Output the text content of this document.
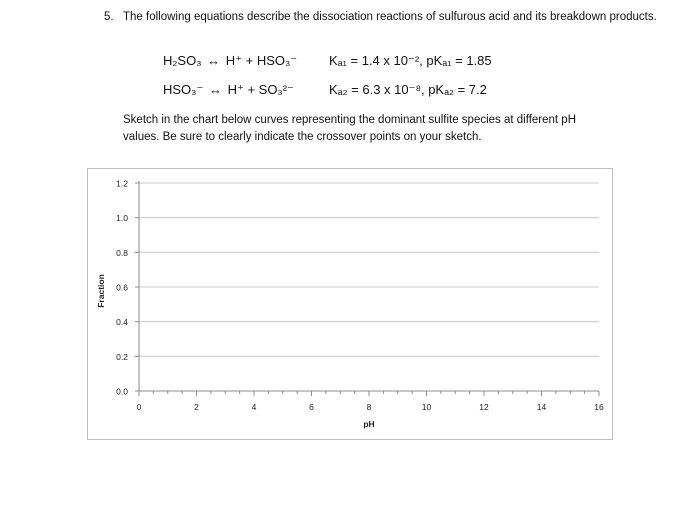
5. The following equations describe the dissociation reactions of sulfurous acid and its breakdown products.
H₂SO₃ ↔ H⁺ + HSO₃⁻ Kₐ₁ = 1.4 x 10⁻², pKₐ₁ = 1.85
HSO₃⁻ ↔ H⁺ + SO₃²⁻	Kₐ₂ = 6.3 x 10⁻⁸, pKₐ₂ = 7.2
Sketch in the chart below curves representing the dominant sulfite species at different pH values. Be sure to clearly indicate the crossover points on your sketch.
0.0
0.2
0.4
0.6
0.8
1.0
1.2
0	2	4	6	8	10	12	14	16
pH
Fraction
